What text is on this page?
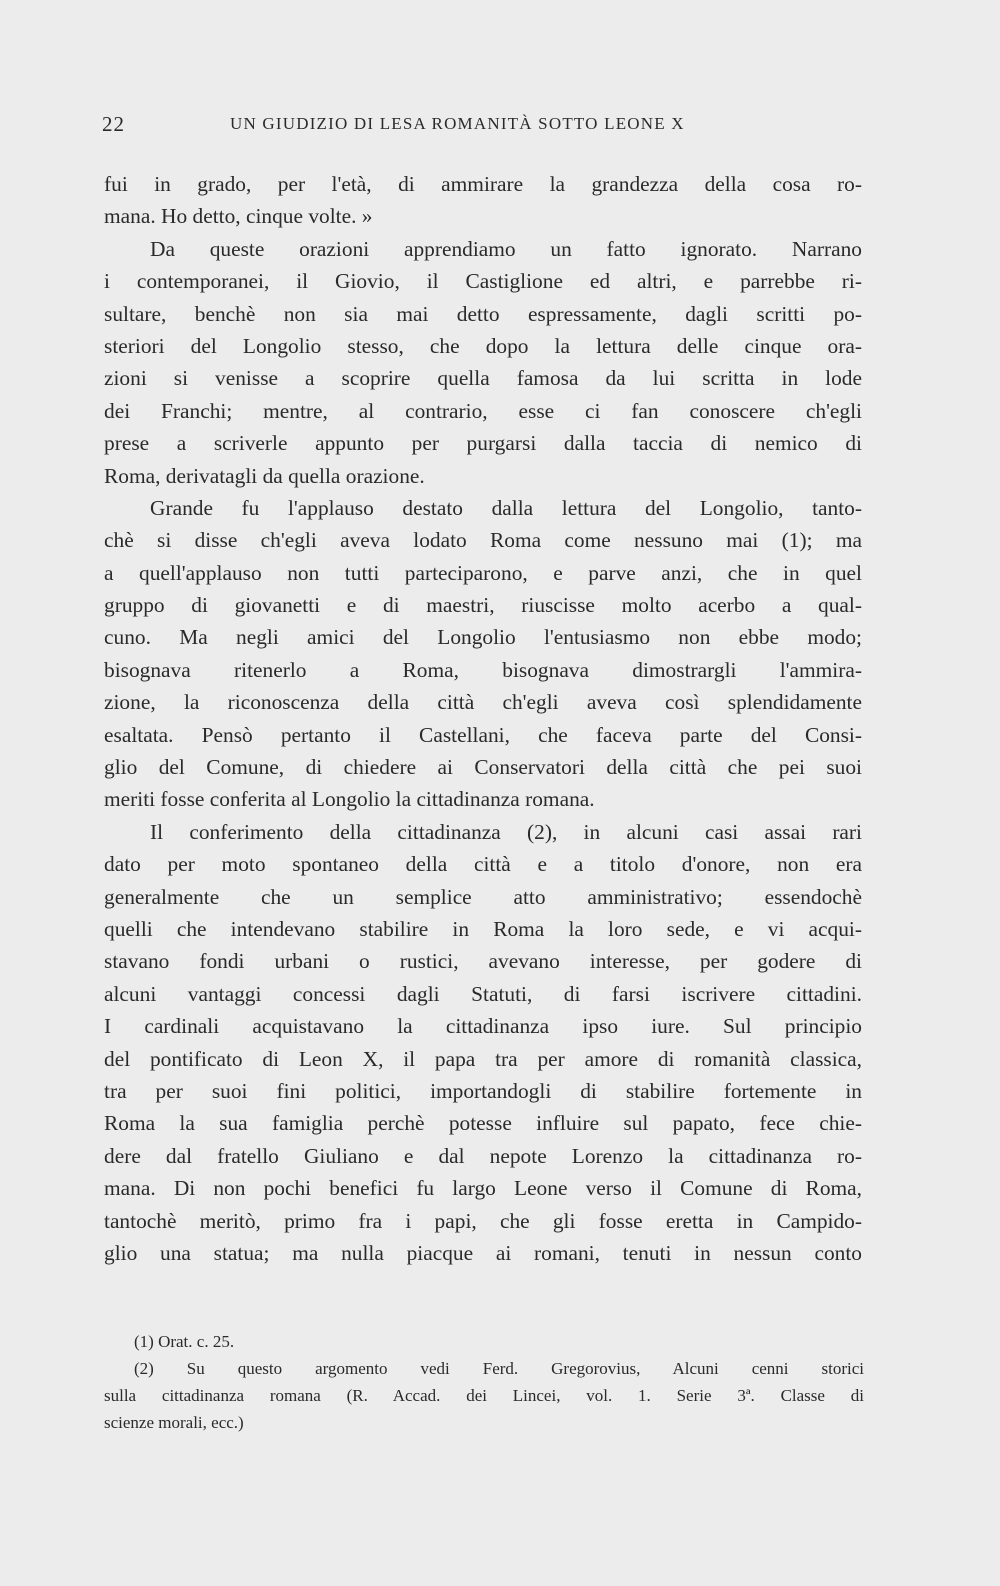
22	UN GIUDIZIO DI LESA ROMANITÀ SOTTO LEONE X
fui in grado, per l'età, di ammirare la grandezza della cosa ro-
mana. Ho detto, cinque volte. »
Da queste orazioni apprendiamo un fatto ignorato. Narrano
i contemporanei, il Giovio, il Castiglione ed altri, e parrebbe ri-
sultare, benchè non sia mai detto espressamente, dagli scritti po-
steriori del Longolio stesso, che dopo la lettura delle cinque ora-
zioni si venisse a scoprire quella famosa da lui scritta in lode
dei Franchi; mentre, al contrario, esse ci fan conoscere ch'egli
prese a scriverle appunto per purgarsi dalla taccia di nemico di
Roma, derivatagli da quella orazione.
Grande fu l'applauso destato dalla lettura del Longolio, tanto-
chè si disse ch'egli aveva lodato Roma come nessuno mai (1); ma
a quell'applauso non tutti parteciparono, e parve anzi, che in quel
gruppo di giovanetti e di maestri, riuscisse molto acerbo a qual-
cuno. Ma negli amici del Longolio l'entusiasmo non ebbe modo;
bisognava ritenerlo a Roma, bisognava dimostrargli l'ammira-
zione, la riconoscenza della città ch'egli aveva così splendidamente
esaltata. Pensò pertanto il Castellani, che faceva parte del Consi-
glio del Comune, di chiedere ai Conservatori della città che pei suoi
meriti fosse conferita al Longolio la cittadinanza romana.
Il conferimento della cittadinanza (2), in alcuni casi assai rari
dato per moto spontaneo della città e a titolo d'onore, non era
generalmente che un semplice atto amministrativo; essendochè
quelli che intendevano stabilire in Roma la loro sede, e vi acqui-
stavano fondi urbani o rustici, avevano interesse, per godere di
alcuni vantaggi concessi dagli Statuti, di farsi iscrivere cittadini.
I cardinali acquistavano la cittadinanza ipso iure. Sul principio
del pontificato di Leon X, il papa tra per amore di romanità classica,
tra per suoi fini politici, importandogli di stabilire fortemente in
Roma la sua famiglia perchè potesse influire sul papato, fece chie-
dere dal fratello Giuliano e dal nepote Lorenzo la cittadinanza ro-
mana. Di non pochi benefici fu largo Leone verso il Comune di Roma,
tantochè meritò, primo fra i papi, che gli fosse eretta in Campido-
glio una statua; ma nulla piacque ai romani, tenuti in nessun conto
(1) Orat. c. 25.
(2) Su questo argomento vedi Ferd. Gregorovius, Alcuni cenni storici
sulla cittadinanza romana (R. Accad. dei Lincei, vol. 1. Serie 3ª. Classe di
scienze morali, ecc.)
